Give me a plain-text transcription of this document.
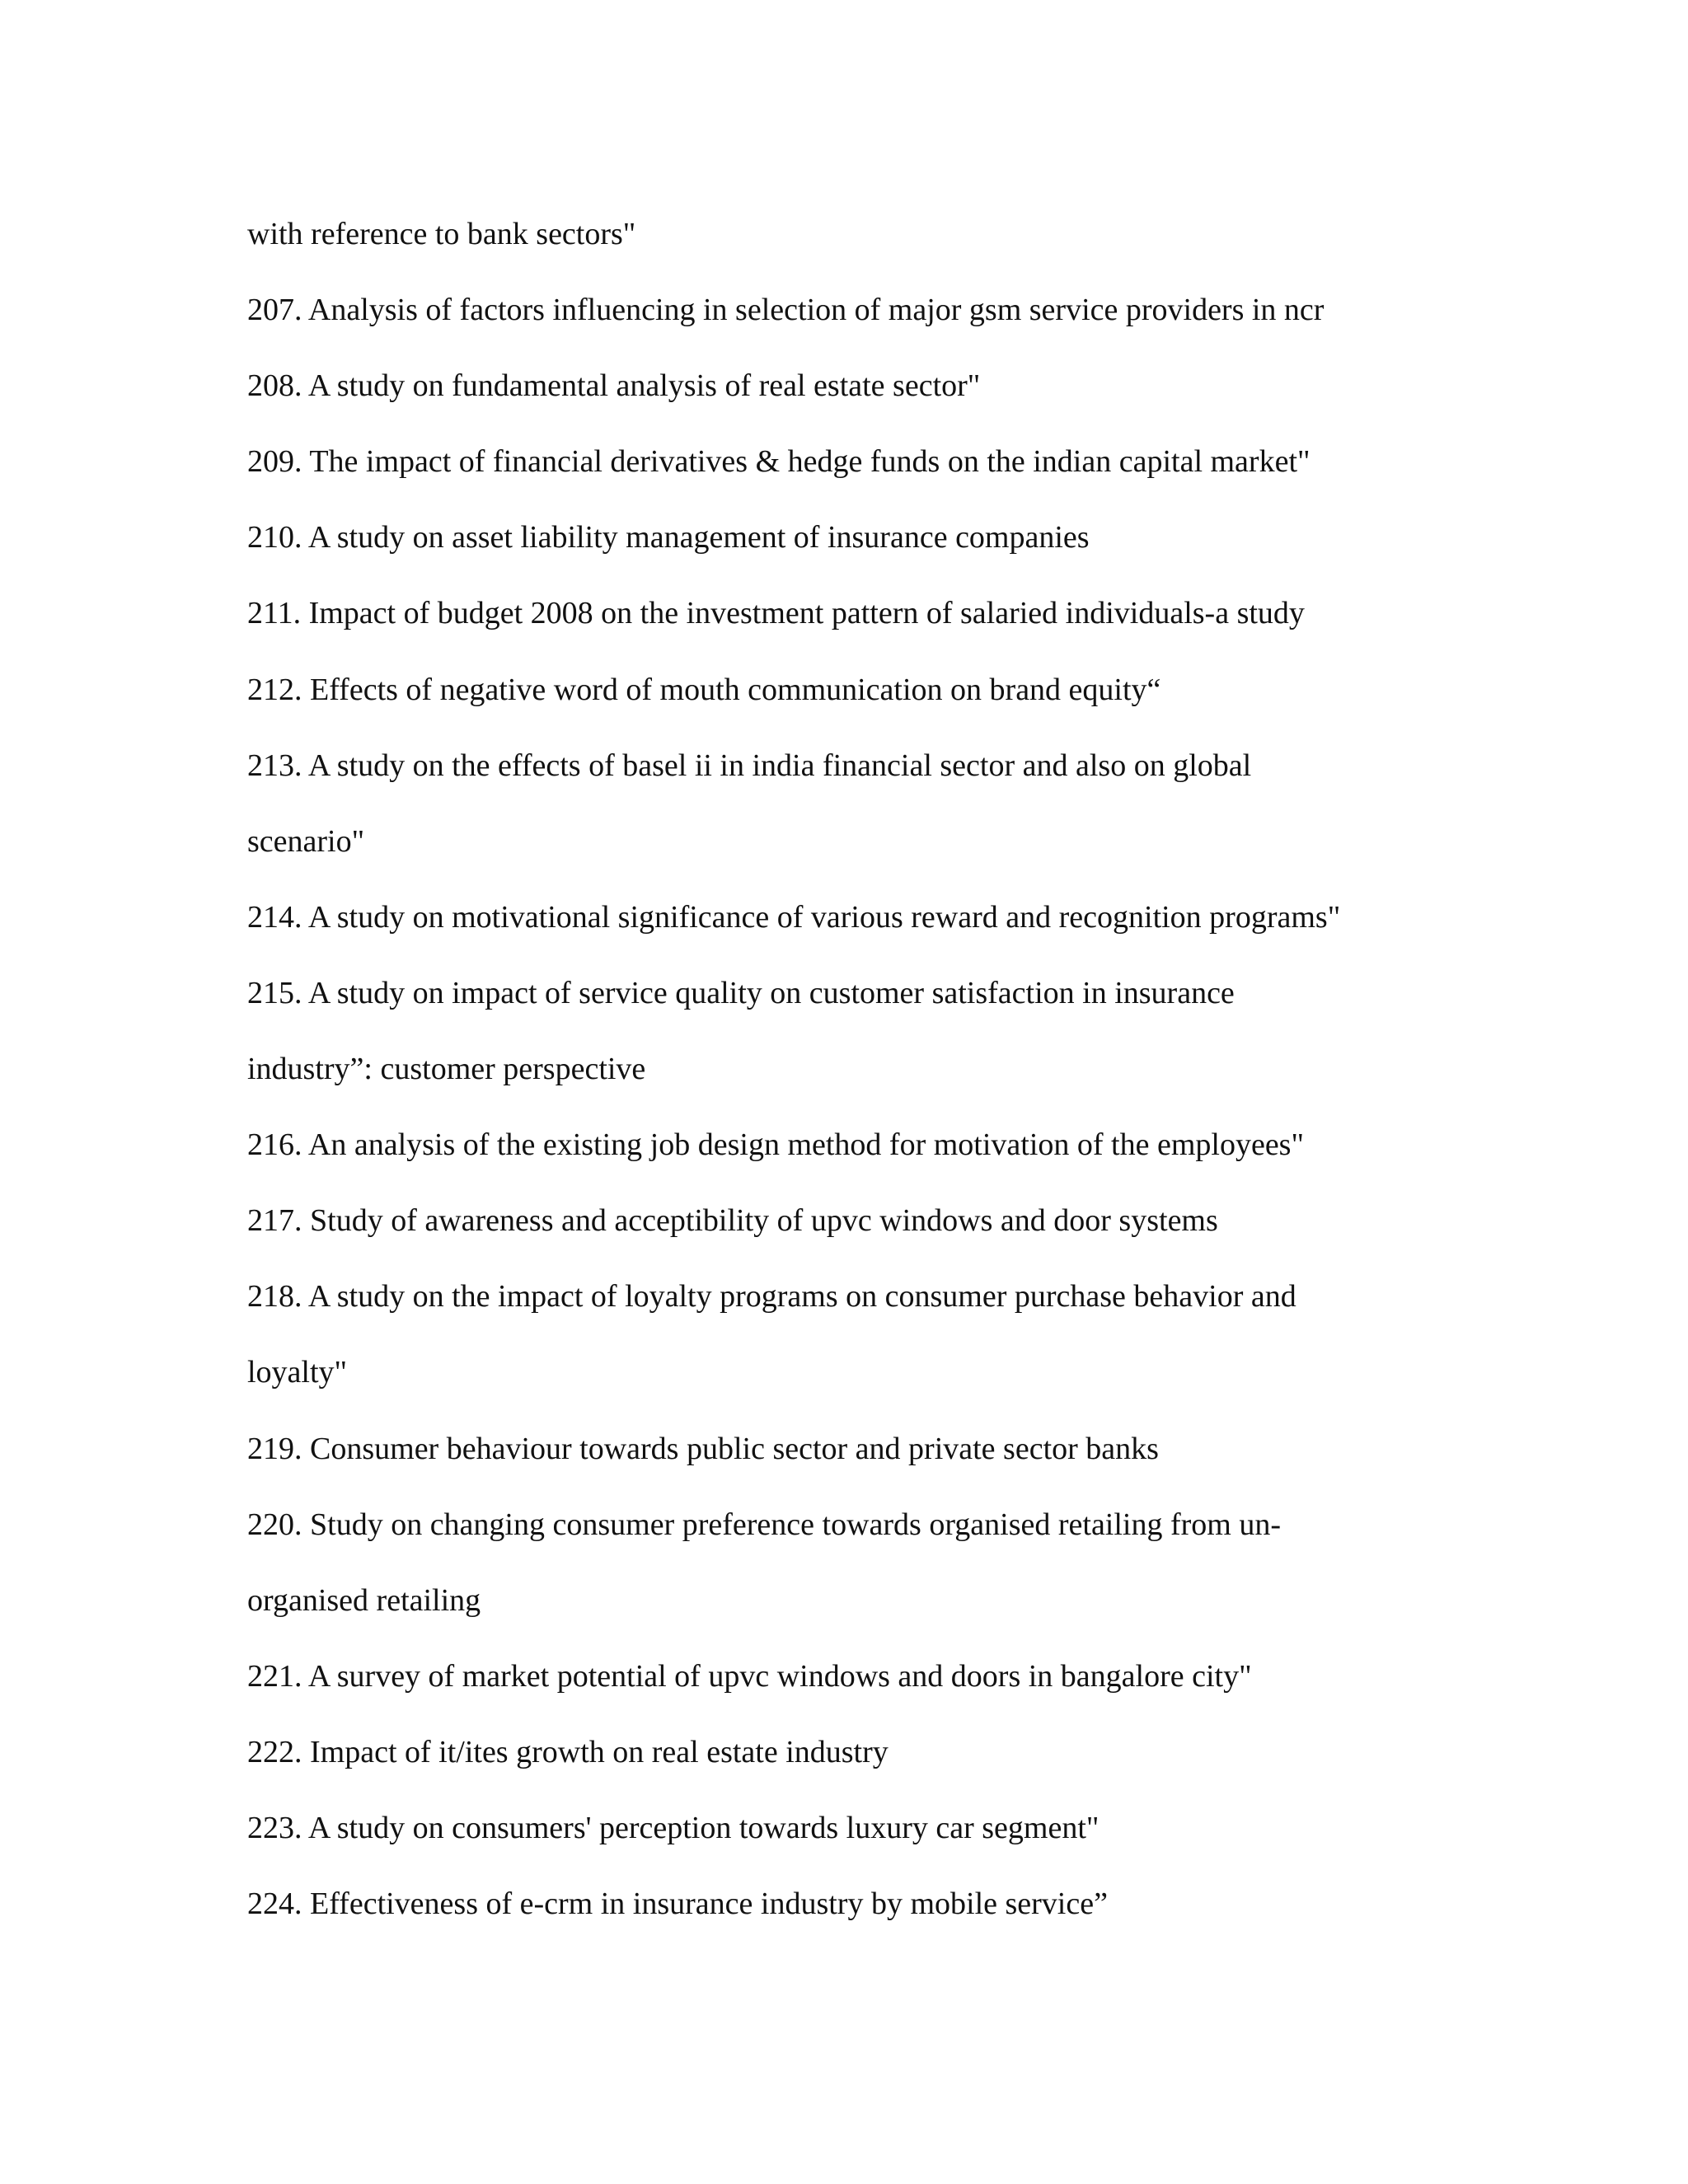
with reference to bank sectors"
207. Analysis of factors influencing in selection of major gsm service providers in ncr
208. A study on fundamental analysis of real estate sector"
209. The impact of financial derivatives & hedge funds on the indian capital market"
210. A study on asset liability management of insurance companies
211. Impact of budget 2008 on the investment pattern of salaried individuals-a study
212. Effects of negative word of mouth communication on brand equity“
213. A study on the effects of basel ii in india financial sector and also on global
scenario"
214. A study on motivational significance of various reward and recognition programs"
215. A study on impact of service quality on customer satisfaction in insurance
industry”: customer perspective
216. An analysis of the existing job design method for motivation of the employees"
217. Study of awareness and acceptibility of upvc windows and door systems
218. A study on the impact of loyalty programs on consumer purchase behavior and
loyalty"
219. Consumer behaviour towards public sector and private sector banks
220. Study on changing consumer preference towards organised retailing from un-
organised retailing
221. A survey of market potential of upvc windows and doors in bangalore city"
222. Impact of it/ites growth on real estate industry
223. A study on consumers' perception towards luxury car segment"
224. Effectiveness of e-crm in insurance industry by mobile service”
